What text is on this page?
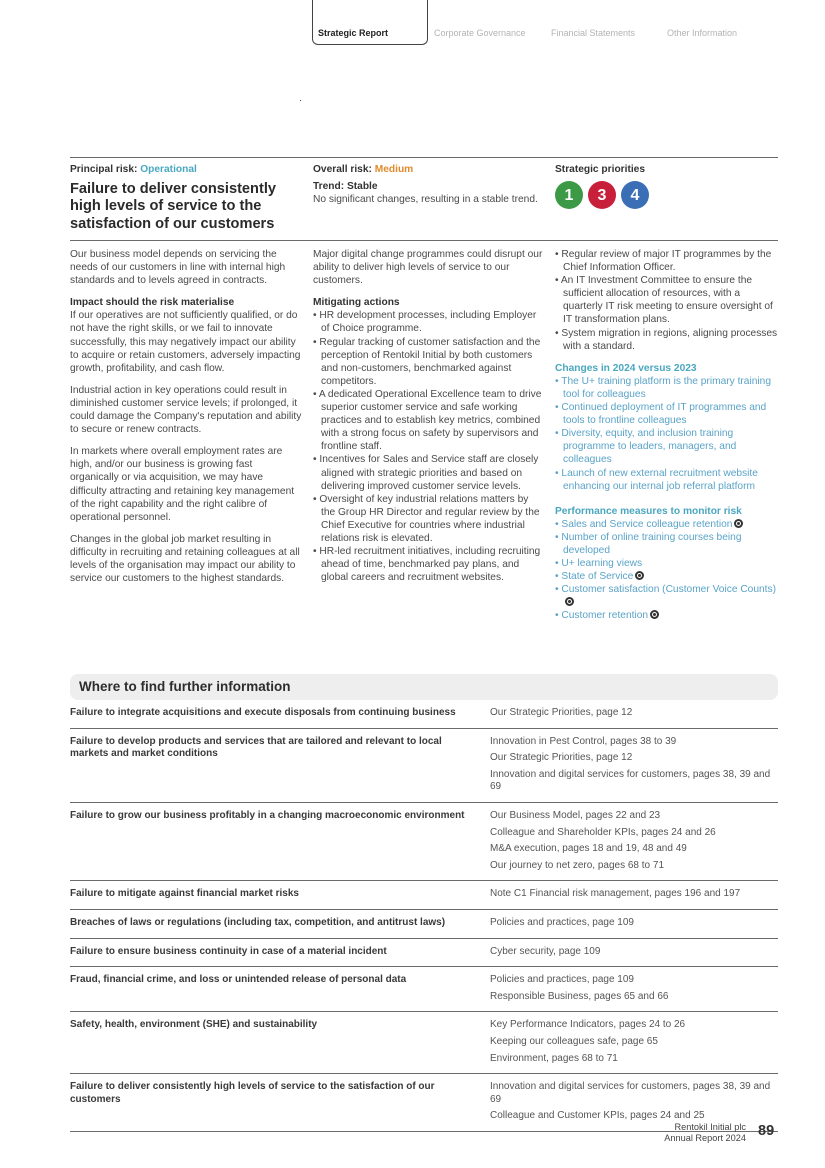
Strategic Report	Corporate Governance	Financial Statements	Other Information
Principal risk: Operational
Failure to deliver consistently high levels of service to the satisfaction of our customers
Overall risk: Medium
Trend: Stable
No significant changes, resulting in a stable trend.
Strategic priorities
1	3	4

Our business model depends on servicing the needs of our customers in line with internal high standards and to levels agreed in contracts.

Impact should the risk materialise

If our operatives are not sufficiently qualified, or do not have the right skills, or we fail to innovate successfully, this may negatively impact our ability to acquire or retain customers, adversely impacting growth, profitability, and cash flow.

Industrial action in key operations could result in diminished customer service levels; if prolonged, it could damage the Company's reputation and ability to secure or renew contracts.

In markets where overall employment rates are high, and/or our business is growing fast organically or via acquisition, we may have difficulty attracting and retaining key management of the right capability and the right calibre of operational personnel.

Changes in the global job market resulting in difficulty in recruiting and retaining colleagues at all levels of the organisation may impact our ability to service our customers to the highest standards.

Major digital change programmes could disrupt our ability to deliver high levels of service to our customers.

Mitigating actions
• HR development processes, including Employer of Choice programme.
• Regular tracking of customer satisfaction and the perception of Rentokil Initial by both customers and non-customers, benchmarked against competitors.
• A dedicated Operational Excellence team to drive superior customer service and safe working practices and to establish key metrics, combined with a strong focus on safety by supervisors and frontline staff.
• Incentives for Sales and Service staff are closely aligned with strategic priorities and based on delivering improved customer service levels.
• Oversight of key industrial relations matters by the Group HR Director and regular review by the Chief Executive for countries where industrial relations risk is elevated.
• HR-led recruitment initiatives, including recruiting ahead of time, benchmarked pay plans, and global careers and recruitment websites.
• Regular review of major IT programmes by the Chief Information Officer.
• An IT Investment Committee to ensure the sufficient allocation of resources, with a quarterly IT risk meeting to ensure oversight of IT transformation plans.
• System migration in regions, aligning processes with a standard.
Changes in 2024 versus 2023
• The U+ training platform is the primary training tool for colleagues
• Continued deployment of IT programmes and tools to frontline colleagues
• Diversity, equity, and inclusion training programme to leaders, managers, and colleagues
• Launch of new external recruitment website enhancing our internal job referral platform
Performance measures to monitor risk
• Sales and Service colleague retention
• Number of online training courses being developed
• U+ learning views
• State of Service
• Customer satisfaction (Customer Voice Counts)
• Customer retention
Where to find further information
Failure to integrate acquisitions and execute disposals from continuing business	Our Strategic Priorities, page 12

Failure to develop products and services that are tailored and relevant to local markets and market conditions	Innovation in Pest Control, pages 38 to 39
Our Strategic Priorities, page 12
Innovation and digital services for customers, pages 38, 39 and 69

Failure to grow our business profitably in a changing macroeconomic environment	Our Business Model, pages 22 and 23
Colleague and Shareholder KPIs, pages 24 and 26
M&A execution, pages 18 and 19, 48 and 49
Our journey to net zero, pages 68 to 71

Failure to mitigate against financial market risks	Note C1 Financial risk management, pages 196 and 197

Breaches of laws or regulations (including tax, competition, and antitrust laws)	Policies and practices, page 109

Failure to ensure business continuity in case of a material incident	Cyber security, page 109

Fraud, financial crime, and loss or unintended release of personal data	Policies and practices, page 109
Responsible Business, pages 65 and 66

Safety, health, environment (SHE) and sustainability	Key Performance Indicators, pages 24 to 26
Keeping our colleagues safe, page 65
Environment, pages 68 to 71

Failure to deliver consistently high levels of service to the satisfaction of our customers	Innovation and digital services for customers, pages 38, 39 and 69
Colleague and Customer KPIs, pages 24 and 25
Rentokil Initial plc
Annual Report 2024 89
